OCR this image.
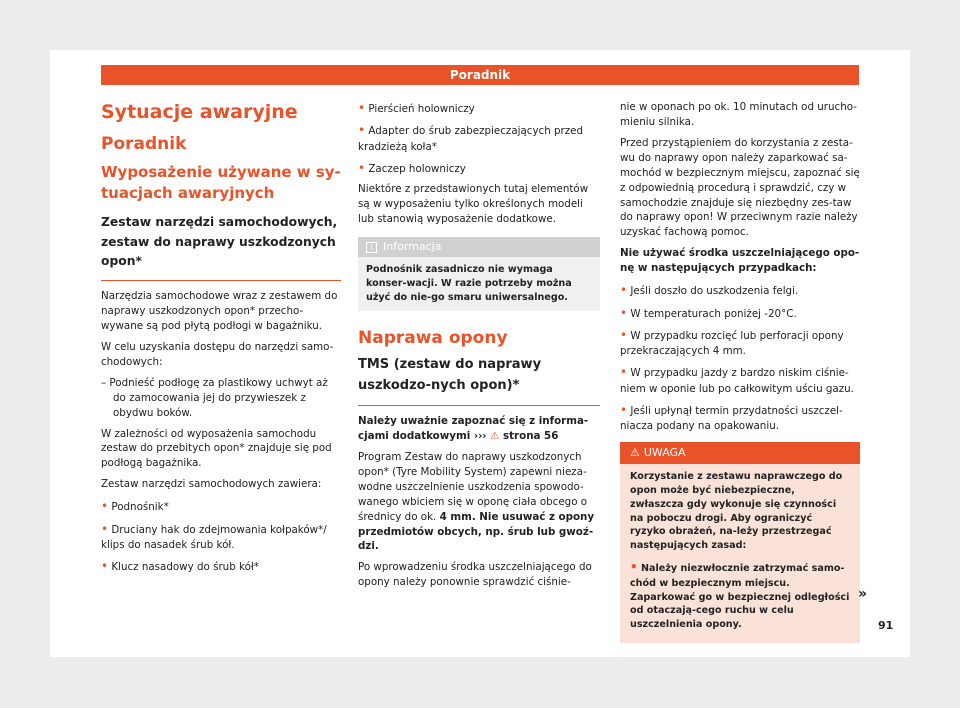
Poradnik
Sytuacje awaryjne
Poradnik
Wyposażenie używane w sy-tuacjach awaryjnych
Zestaw narzędzi samochodowych, zestaw do naprawy uszkodzonych opon*

Narzędzia samochodowe wraz z zestawem do naprawy uszkodzonych opon* przecho-wywane są pod płytą podłogi w bagażniku.

W celu uzyskania dostępu do narzędzi samo-chodowych:

– Podnieść podłogę za plastikowy uchwyt aż do zamocowania jej do przywieszek z obydwu boków.

W zależności od wyposażenia samochodu zestaw do przebitych opon* znajduje się pod podłogą bagażnika.

Zestaw narzędzi samochodowych zawiera:

• Podnośnik*
• Druciany hak do zdejmowania kołpaków*/ klips do nasadek śrub kół.
• Klucz nasadowy do śrub kół*
• Pierścień holowniczy
• Adapter do śrub zabezpieczających przed kradzieżą koła*
• Zaczep holowniczy

Niektóre z przedstawionych tutaj elementów są w wyposażeniu tylko określonych modeli lub stanowią wyposażenie dodatkowe.

i Informacja
Podnośnik zasadniczo nie wymaga konser-wacji. W razie potrzeby można użyć do nie-go smaru uniwersalnego.
Naprawa opony
TMS (zestaw do naprawy uszkodzo-nych opon)*

Należy uważnie zapoznać się z informa-cjami dodatkowymi ››› ⚠ strona 56

Program Zestaw do naprawy uszkodzonych opon* (Tyre Mobility System) zapewni nieza-wodne uszczelnienie uszkodzenia spowodo-wanego wbiciem się w oponę ciała obcego o średnicy do ok. 4 mm. Nie usuwać z opony przedmiotów obcych, np. śrub lub gwoź-dzi.

Po wprowadzeniu środka uszczelniającego do opony należy ponownie sprawdzić ciśnie-

nie w oponach po ok. 10 minutach od urucho-mieniu silnika.

Przed przystąpieniem do korzystania z zesta-wu do naprawy opon należy zaparkować sa-mochód w bezpiecznym miejscu, zapoznać się z odpowiednią procedurą i sprawdzić, czy w samochodzie znajduje się niezbędny zes-taw do naprawy opon! W przeciwnym razie należy uzyskać fachową pomoc.

Nie używać środka uszczelniającego opo-nę w następujących przypadkach:

• Jeśli doszło do uszkodzenia felgi.
• W temperaturach poniżej -20°C.
• W przypadku rozcięć lub perforacji opony przekraczających 4 mm.
• W przypadku jazdy z bardzo niskim ciśnie-niem w oponie lub po całkowitym uściu gazu.
• Jeśli upłynął termin przydatności uszczel-niacza podany na opakowaniu.
⚠ UWAGA

Korzystanie z zestawu naprawczego do opon może być niebezpieczne, zwłaszcza gdy wykonuje się czynności na poboczu drogi. Aby ograniczyć ryzyko obrażeń, na-leży przestrzegać następujących zasad:

• Należy niezwłocznie zatrzymać samo-chód w bezpiecznym miejscu. Zaparkować go w bezpiecznej odległości od otaczają-cego ruchu w celu uszczelnienia opony.
»
91
